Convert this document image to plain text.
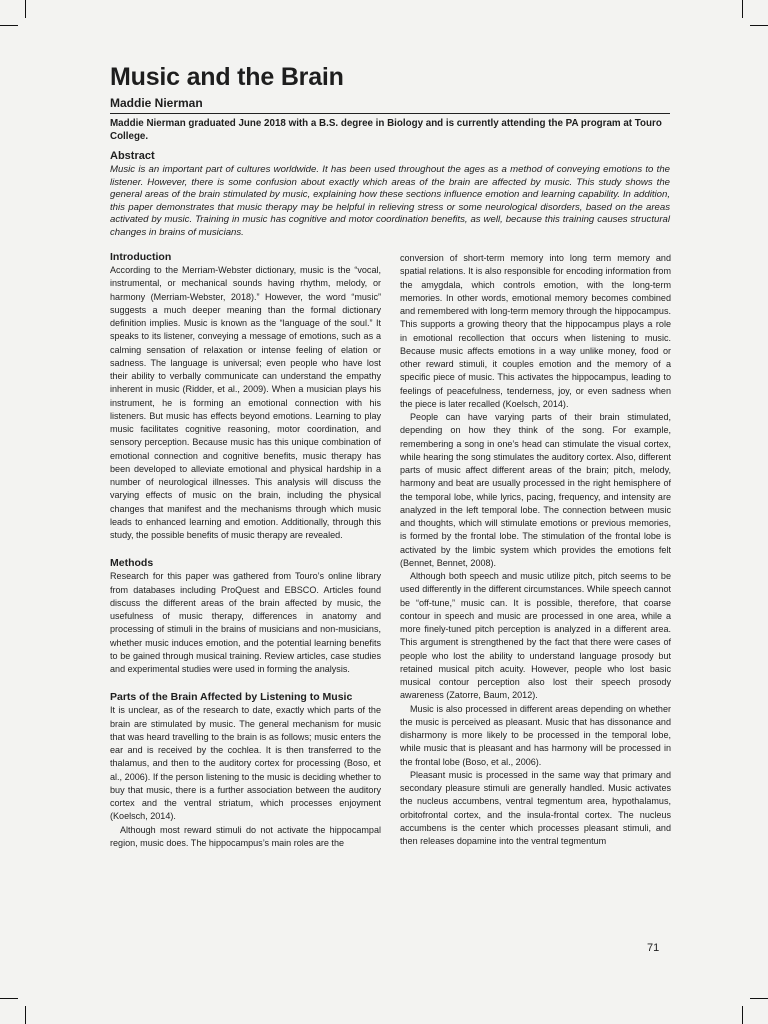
Music and the Brain
Maddie Nierman
Maddie Nierman graduated June 2018 with a B.S. degree in Biology and is currently attending the PA program at Touro College.
Abstract
Music is an important part of cultures worldwide. It has been used throughout the ages as a method of conveying emotions to the listener. However, there is some confusion about exactly which areas of the brain are affected by music. This study shows the general areas of the brain stimulated by music, explaining how these sections influence emotion and learning capability. In addition, this paper demonstrates that music therapy may be helpful in relieving stress or some neurological disorders, based on the areas activated by music. Training in music has cognitive and motor coordination benefits, as well, because this training causes structural changes in brains of musicians.
Introduction

According to the Merriam-Webster dictionary, music is the “vocal, instrumental, or mechanical sounds having rhythm, melody, or harmony (Merriam-Webster, 2018).” However, the word “music” suggests a much deeper meaning than the formal dictionary definition implies. Music is known as the “language of the soul.” It speaks to its listener, conveying a message of emotions, such as a calming sensation of relaxation or intense feeling of elation or sadness. The language is universal; even people who have lost their ability to verbally communicate can understand the empathy inherent in music (Ridder, et al., 2009). When a musician plays his instrument, he is forming an emotional connection with his listeners. But music has effects beyond emotions. Learning to play music facilitates cognitive reasoning, motor coordination, and sensory perception. Because music has this unique combination of emotional connection and cognitive benefits, music therapy has been developed to alleviate emotional and physical hardship in a number of neurological illnesses. This analysis will discuss the varying effects of music on the brain, including the physical changes that manifest and the mechanisms through which music leads to enhanced learning and emotion. Additionally, through this study, the possible benefits of music therapy are revealed.

Methods

Research for this paper was gathered from Touro’s online library from databases including ProQuest and EBSCO. Articles found discuss the different areas of the brain affected by music, the usefulness of music therapy, differences in anatomy and processing of stimuli in the brains of musicians and non-musicians, whether music induces emotion, and the potential learning benefits to be gained through musical training. Review articles, case studies and experimental studies were used in forming the analysis.

Parts of the Brain Affected by Listening to Music

It is unclear, as of the research to date, exactly which parts of the brain are stimulated by music. The general mechanism for music that was heard travelling to the brain is as follows; music enters the ear and is received by the cochlea. It is then transferred to the thalamus, and then to the auditory cortex for processing (Boso, et al., 2006). If the person listening to the music is deciding whether to buy that music, there is a further association between the auditory cortex and the ventral striatum, which processes enjoyment (Koelsch, 2014).

Although most reward stimuli do not activate the hippocampal region, music does. The hippocampus’s main roles are the

conversion of short-term memory into long term memory and spatial relations. It is also responsible for encoding information from the amygdala, which controls emotion, with the long-term memories. In other words, emotional memory becomes combined and remembered with long-term memory through the hippocampus. This supports a growing theory that the hippocampus plays a role in emotional recollection that occurs when listening to music. Because music affects emotions in a way unlike money, food or other reward stimuli, it couples emotion and the memory of a specific piece of music. This activates the hippocampus, leading to feelings of peacefulness, tenderness, joy, or even sadness when the piece is later recalled (Koelsch, 2014).

People can have varying parts of their brain stimulated, depending on how they think of the song. For example, remembering a song in one’s head can stimulate the visual cortex, while hearing the song stimulates the auditory cortex. Also, different parts of music affect different areas of the brain; pitch, melody, harmony and beat are usually processed in the right hemisphere of the temporal lobe, while lyrics, pacing, frequency, and intensity are analyzed in the left temporal lobe. The connection between music and thoughts, which will stimulate emotions or previous memories, is formed by the frontal lobe. The stimulation of the frontal lobe is activated by the limbic system which provides the emotions felt (Bennet, Bennet, 2008).

Although both speech and music utilize pitch, pitch seems to be used differently in the different circumstances. While speech cannot be “off-tune,” music can. It is possible, therefore, that coarse contour in speech and music are processed in one area, while a more finely-tuned pitch perception is analyzed in a different area. This argument is strengthened by the fact that there were cases of people who lost the ability to understand language prosody but retained musical pitch acuity. However, people who lost basic musical contour perception also lost their speech prosody awareness (Zatorre, Baum, 2012).

Music is also processed in different areas depending on whether the music is perceived as pleasant. Music that has dissonance and disharmony is more likely to be processed in the temporal lobe, while music that is pleasant and has harmony will be processed in the frontal lobe (Boso, et al., 2006).

Pleasant music is processed in the same way that primary and secondary pleasure stimuli are generally handled. Music activates the nucleus accumbens, ventral tegmentum area, hypothalamus, orbitofrontal cortex, and the insula-frontal cortex. The nucleus accumbens is the center which processes pleasant stimuli, and then releases dopamine into the ventral tegmentum

71
